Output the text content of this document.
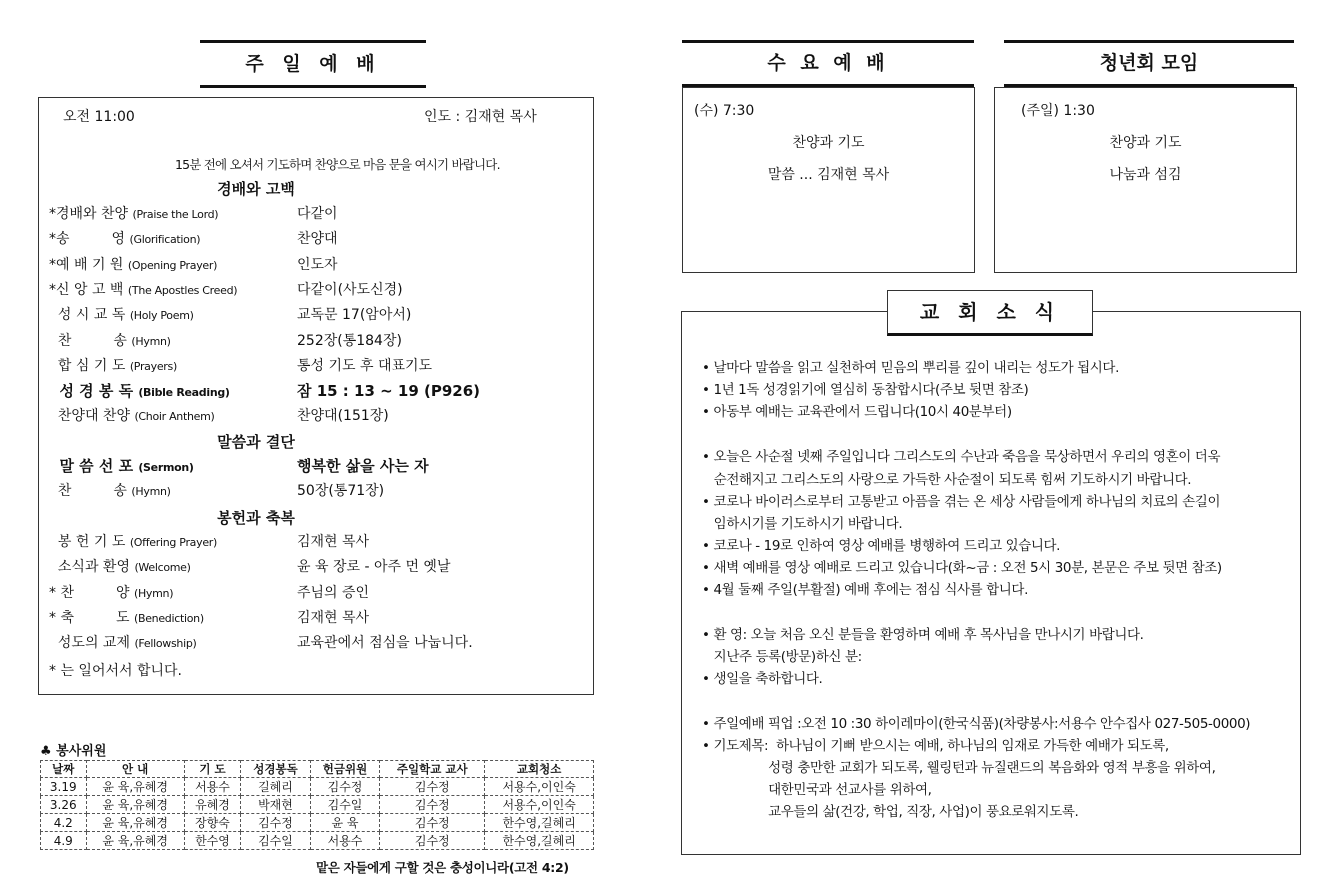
주 일 예 배
오전 11:00	인도 : 김재현 목사
15분 전에 오셔서 기도하며 찬양으로 마음 문을 여시기 바랍니다.
경배와 고백
*경배와 찬양 (Praise the Lord)	다같이
*송　　　영 (Glorification)	찬양대
*예 배 기 원 (Opening Prayer)	인도자
*신 앙 고 백 (The Apostles Creed)	다같이(사도신경)
성 시 교 독 (Holy Poem)	교독문 17(암아서)
찬　　　송 (Hymn)	252장(통184장)
합 심 기 도 (Prayers)	통성 기도 후 대표기도
성 경 봉 독 (Bible Reading)	잠 15 : 13 ~ 19 (P926)
찬양대 찬양 (Choir Anthem)	찬양대(151장)
말씀과 결단
말 씀 선 포 (Sermon)	행복한 삶을 사는 자
찬　　　송 (Hymn)	50장(통71장)
봉헌과 축복
봉 헌 기 도 (Offering Prayer)	김재현 목사
소식과 환영 (Welcome)	윤 육 장로 - 아주 먼 옛날
* 찬　　　양 (Hymn)	주님의 증인
* 축　　　도 (Benediction)	김재현 목사
성도의 교제 (Fellowship)	교육관에서 점심을 나눕니다.
* 는 일어서서 합니다.
♣ 봉사위원
날짜	안 내	기 도	성경봉독	헌금위원	주일학교 교사	교회청소
3.19	윤 육,유혜경	서용수	길혜리	김수정	김수정	서용수,이인숙
3.26	윤 육,유혜경	유혜경	박재현	김수일	김수정	서용수,이인숙
4.2	윤 육,유혜경	장향숙	김수정	윤 육	김수정	한수영,길혜리
4.9	윤 육,유혜경	한수영	김수일	서용수	김수정	한수영,길혜리
맡은 자들에게 구할 것은 충성이니라(고전 4:2)
수 요 예 배
(수) 7:30
찬양과 기도
말씀 ... 김재현 목사
청년회 모임
(주일) 1:30
찬양과 기도
나눔과 섬김
• 날마다 말씀을 읽고 실천하여 믿음의 뿌리를 깊이 내리는 성도가 됩시다.
• 1년 1독 성경읽기에 열심히 동참합시다(주보 뒷면 참조)
• 아동부 예배는 교육관에서 드립니다(10시 40분부터)
• 오늘은 사순절 넷째 주일입니다 그리스도의 수난과 죽음을 묵상하면서 우리의 영혼이 더욱
순전해지고 그리스도의 사랑으로 가득한 사순절이 되도록 힘써 기도하시기 바랍니다.
• 코로나 바이러스로부터 고통받고 아픔을 겪는 온 세상 사람들에게 하나님의 치료의 손길이
임하시기를 기도하시기 바랍니다.
• 코로나 - 19로 인하여 영상 예배를 병행하여 드리고 있습니다.
• 새벽 예배를 영상 예배로 드리고 있습니다(화~금 : 오전 5시 30분, 본문은 주보 뒷면 참조)
• 4월 둘째 주일(부활절) 예배 후에는 점심 식사를 합니다.
• 환 영: 오늘 처음 오신 분들을 환영하며 예배 후 목사님을 만나시기 바랍니다.
지난주 등록(방문)하신 분:
• 생일을 축하합니다.
• 주일예배 픽업 :오전 10 :30 하이레마이(한국식품)(차량봉사:서용수 안수집사 027-505-0000)
• 기도제목:  하나님이 기뻐 받으시는 예배, 하나님의 임재로 가득한 예배가 되도록,
성령 충만한 교회가 되도록, 웰링턴과 뉴질랜드의 복음화와 영적 부흥을 위하여,
대한민국과 선교사를 위하여,
교우들의 삶(건강, 학업, 직장, 사업)이 풍요로워지도록.
교 회 소 식
